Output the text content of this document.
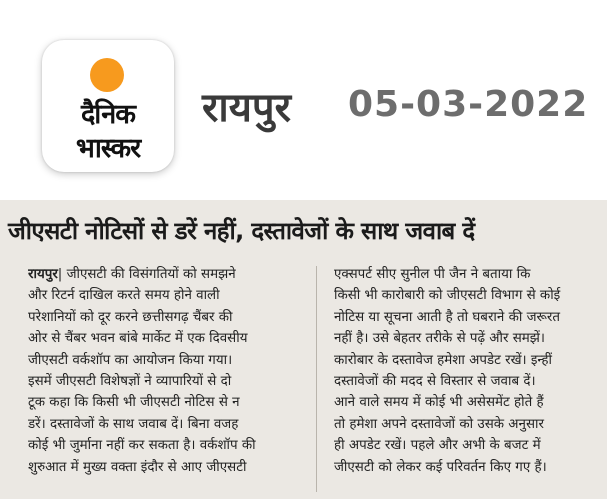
दैनिक
भास्कर
रायपुर 05-03-2022
जीएसटी नोटिसों से डरें नहीं, दस्तावेजों के साथ जवाब दें
रायपुर| जीएसटी की विसंगतियों को समझने
और रिटर्न दाखिल करते समय होने वाली
परेशानियों को दूर करने छत्तीसगढ़ चैंबर की
ओर से चैंबर भवन बांबे मार्केट में एक दिवसीय
जीएसटी वर्कशॉप का आयोजन किया गया।
इसमें जीएसटी विशेषज्ञों ने व्यापारियों से दो
टूक कहा कि किसी भी जीएसटी नोटिस से न
डरें। दस्तावेजों के साथ जवाब दें। बिना वजह
कोई भी जुर्माना नहीं कर सकता है। वर्कशॉप की
शुरुआत में मुख्य वक्ता इंदौर से आए जीएसटी
एक्सपर्ट सीए सुनील पी जैन ने बताया कि
किसी भी कारोबारी को जीएसटी विभाग से कोई
नोटिस या सूचना आती है तो घबराने की जरूरत
नहीं है। उसे बेहतर तरीके से पढ़ें और समझें।
कारोबार के दस्तावेज हमेशा अपडेट रखें। इन्हीं
दस्तावेजों की मदद से विस्तार से जवाब दें।
आने वाले समय में कोई भी असेसमेंट होते हैं
तो हमेशा अपने दस्तावेजों को उसके अनुसार
ही अपडेट रखें। पहले और अभी के बजट में
जीएसटी को लेकर कई परिवर्तन किए गए हैं।
